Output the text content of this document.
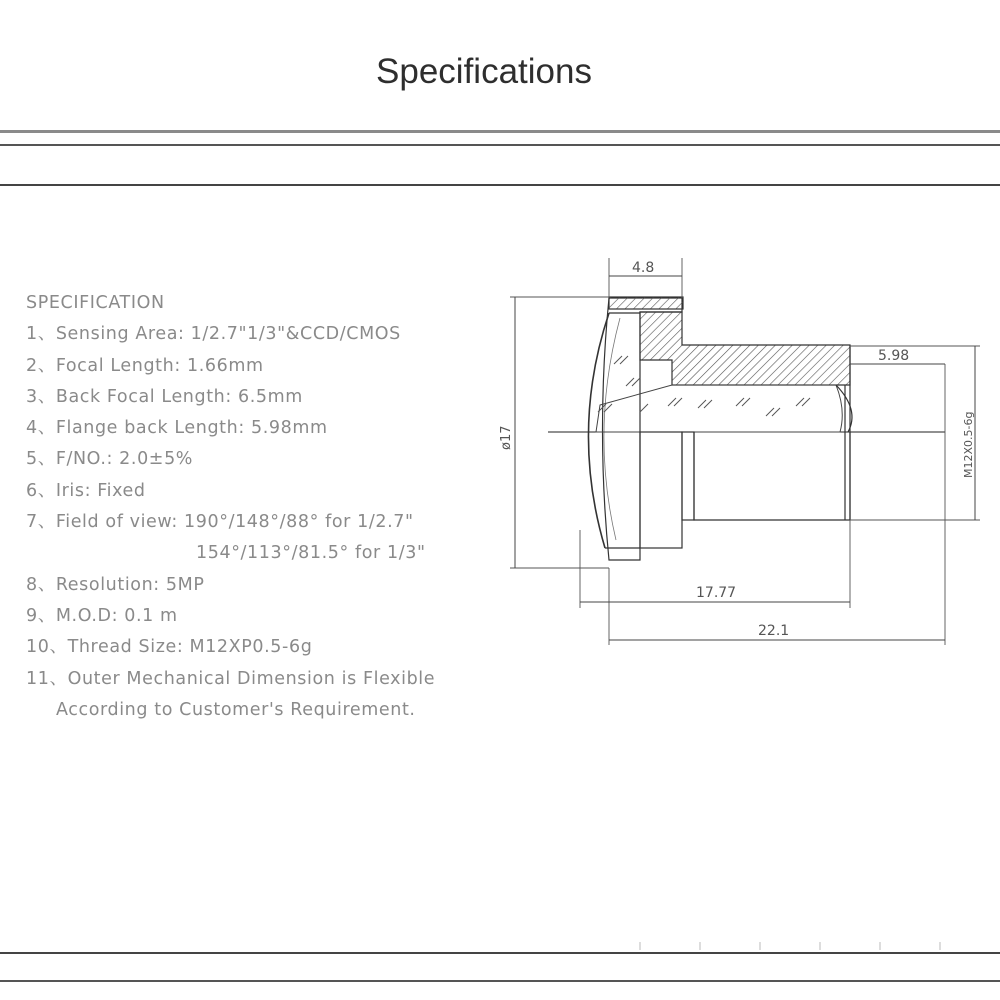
Specifications
SPECIFICATION
1、Sensing Area: 1/2.7"1/3"&CCD/CMOS
2、Focal Length: 1.66mm
3、Back Focal Length: 6.5mm
4、Flange back Length: 5.98mm
5、F/NO.: 2.0±5%
6、Iris: Fixed
7、Field of view: 190°/148°/88° for 1/2.7"
154°/113°/81.5° for 1/3"
8、Resolution: 5MP
9、M.O.D: 0.1 m
10、Thread Size: M12XP0.5-6g
11、Outer Mechanical Dimension is Flexible
According to Customer's Requirement.
4.8
5.98
ø17	M12X0.5-6g
17.77
22.1
